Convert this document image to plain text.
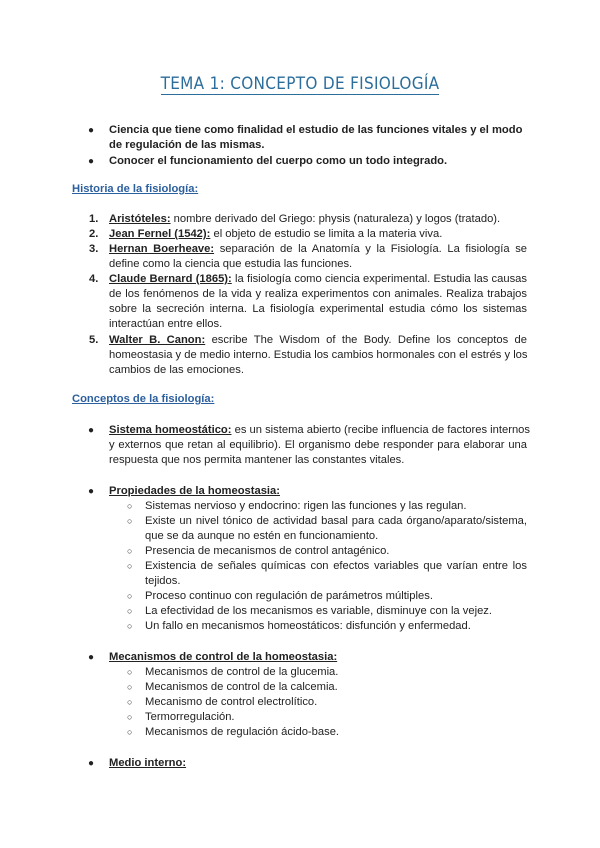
TEMA 1: CONCEPTO DE FISIOLOGÍA
● Ciencia que tiene como finalidad el estudio de las funciones vitales y el modo
de regulación de las mismas.
● Conocer el funcionamiento del cuerpo como un todo integrado.
Historia de la fisiología:
1. Aristóteles: nombre derivado del Griego: physis (naturaleza) y logos (tratado).
2. Jean Fernel (1542): el objeto de estudio se limita a la materia viva.
3. Hernan Boerheave: separación de la Anatomía y la Fisiología. La fisiología se
define como la ciencia que estudia las funciones.
4. Claude Bernard (1865): la fisiología como ciencia experimental. Estudia las causas
de los fenómenos de la vida y realiza experimentos con animales. Realiza trabajos
sobre la secreción interna. La fisiología experimental estudia cómo los sistemas
interactúan entre ellos.
5. Walter B. Canon: escribe The Wisdom of the Body. Define los conceptos de
homeostasia y de medio interno. Estudia los cambios hormonales con el estrés y los
cambios de las emociones.
Conceptos de la fisiología:
● Sistema homeostático: es un sistema abierto (recibe influencia de factores internos
y externos que retan al equilibrio). El organismo debe responder para elaborar una
respuesta que nos permita mantener las constantes vitales.
● Propiedades de la homeostasia:
○ Sistemas nervioso y endocrino: rigen las funciones y las regulan.
○ Existe un nivel tónico de actividad basal para cada órgano/aparato/sistema,
que se da aunque no estén en funcionamiento.
○ Presencia de mecanismos de control antagénico.
○ Existencia de señales químicas con efectos variables que varían entre los
tejidos.
○ Proceso continuo con regulación de parámetros múltiples.
○ La efectividad de los mecanismos es variable, disminuye con la vejez.
○ Un fallo en mecanismos homeostáticos: disfunción y enfermedad.
● Mecanismos de control de la homeostasia:
○ Mecanismos de control de la glucemia.
○ Mecanismos de control de la calcemia.
○ Mecanismo de control electrolítico.
○ Termorregulación.
○ Mecanismos de regulación ácido-base.
● Medio interno:
